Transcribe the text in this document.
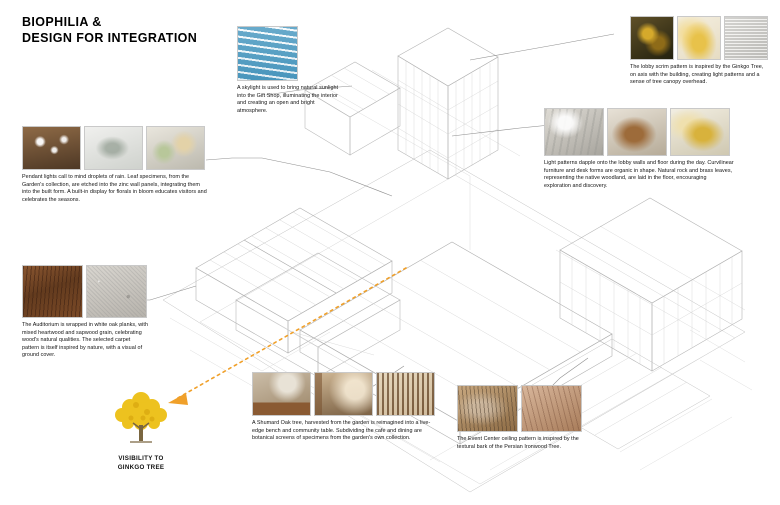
BIOPHILIA &
DESIGN FOR INTEGRATION
A skylight is used to bring natural sunlight into the Gift Shop, illuminating the interior and creating an open and bright atmosphere.
The lobby scrim pattern is inspired by the Ginkgo Tree, on axis with the building, creating light patterns and a sense of tree canopy overhead.
Light patterns dapple onto the lobby walls and floor during the day. Curvilinear furniture and desk forms are organic in shape. Natural rock and brass leaves, representing the native woodland, are laid in the floor, encouraging exploration and discovery.
Pendant lights call to mind droplets of rain. Leaf specimens, from the Garden's collection, are etched into the zinc wall panels, integrating them into the built form. A built-in display for florals in bloom educates visitors and celebrates the seasons.
The Auditorium is wrapped in white oak planks, with mixed heartwood and sapwood grain, celebrating wood's natural qualities. The selected carpet pattern is itself inspired by nature, with a visual of ground cover.
A Shumard Oak tree, harvested from the garden is reimagined into a live-edge bench and community table. Subdividing the cafe and dining are botanical screens of specimens from the garden's own collection.	The Event Center ceiling pattern is inspired by the textural bark of the Persian Ironwood Tree.
VISIBILITY TO
GINKGO TREE
